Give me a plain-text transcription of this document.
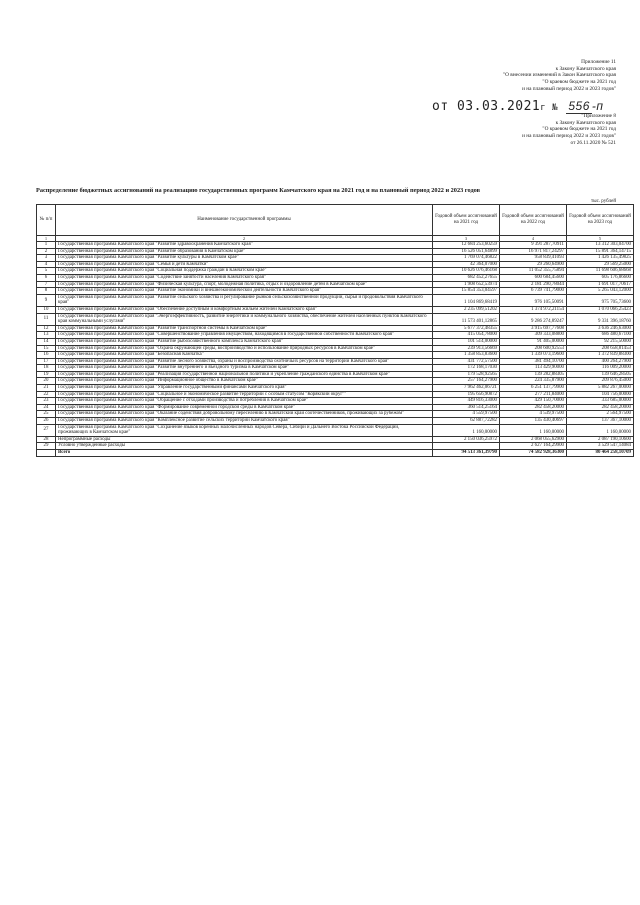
Приложение 11
к Закону Камчатского края
"О внесении изменений в Закон Камчатского края
"О краевом бюджете на 2021 год
и на плановый период 2022 и 2023 годов"
от 03.03.2021г № 556 -п
"Приложение 8
к Закону Камчатского края
"О краевом бюджете на 2021 год
и на плановый период 2022 и 2023 годов"
от 26.11.2020 № 521
Распределение бюджетных ассигнований на реализацию государственных программ Камчатского края на 2021 год и на плановый период 2022 и 2023 годов
тыс. рублей
№ п/п	Наименование государственной программы	Годовой объем ассигнований на 2021 год	Годовой объем ассигнований на 2022 год	Годовой объем ассигнований на 2023 год
1	2	3	4	5
1	Государственная программа Камчатского края "Развитие здравоохранения Камчатского края"	12 684 253,60259	9 391 287,70911	13 312 303,04700
2	Государственная программа Камчатского края "Развитие образования в Камчатском крае"	16 526 051,64899	16 971 817,24297	15 891 364,14715
3	Государственная программа Камчатского края "Развитие культуры в Камчатском крае"	1 769 074,46822	958 839,41093	1 426 135,49825
4	Государственная программа Камчатского края "Семья и дети Камчатки"	42 364,07000	29 260,64900	29 569,25000
5	Государственная программа Камчатского края "Социальная поддержка граждан в Камчатском крае"	10 626 076,46168	11 052 355,75894	11 698 606,68668
6	Государственная программа Камчатского края "Содействие занятости населения Камчатского края"	682 452,27655	600 684,45600	605 176,86600
7	Государственная программа Камчатского края "Физическая культура, спорт, молодежная политика, отдых и оздоровление детей в Камчатском крае"	1 908 652,53974	2 181 290,78044	1 691 017,70617
8	Государственная программа Камчатского края "Развитие экономики и внешнеэкономической деятельности Камчатского края"	15 854 353,04597	6 739 741,79000	5 265 043,12000
9	Государственная программа Камчатского края "Развитие сельского хозяйства и регулирование рынков сельскохозяйственной продукции, сырья и продовольствия Камчатского края"	1 104 869,68419	976 105,50091	975 705,73600
10	Государственная программа Камчатского края "Обеспечение доступным и комфортным жильем жителей Камчатского края"	2 235 099,51202	1 374 972,21154	1 070 066,25423
11	Государственная программа Камчатского края "Энергоэффективность, развитие энергетики и коммунального хозяйства, обеспечение жителей населенных пунктов Камчатского края коммунальными услугами"	11 573 401,12865	9 286 274,89247	9 331 396,18760
12	Государственная программа Камчатского края "Развитие транспортной системы в Камчатском крае"	5 677 372,48355	3 915 697,77608	3 636 246,63000
13	Государственная программа Камчатского края "Совершенствование управления имуществом, находящимся в государственной собственности Камчатского края"	415 054,78000	309 333,08800	686 480,67100
14	Государственная программа Камчатского края "Развитие рыбохозяйственного комплекса Камчатского края"	101 514,00000	91 405,00000	92 215,50000
15	Государственная программа Камчатского края "Охрана окружающей среды, воспроизводство и использование природных ресурсов в Камчатском крае"	239 913,56669	208 600,92553	208 658,81453
16	Государственная программа Камчатского края "Безопасная Камчатка"	1 358 853,83600	1 339 073,19600	1 372 839,88300
17	Государственная программа Камчатского края "Развитие лесного хозяйства, охраны и воспроизводства охотничьих ресурсов на территории Камчатского края"	431 772,57500	381 494,10700	400 264,27900
18	Государственная программа Камчатского края "Развитие внутреннего и въездного туризма в Камчатском крае"	172 168,17030	113 429,90000	116 009,20000
19	Государственная программа Камчатского края "Реализация государственной национальной политики и укрепление гражданского единства в Камчатском крае"	179 528,92565	139 282,88305	139 646,28505
20	Государственная программа Камчатского края "Информационное общество в Камчатском крае"	257 164,27900	224 335,87900	209 876,45000
21	Государственная программа Камчатского края "Управление государственными финансами Камчатского края"	7 962 462,06721	6 251 137,79900	5 882 267,00000
22	Государственная программа Камчатского края "Социальное и экономическое развитие территории с особым статусом "Корякский округ""	195 656,90872	277 211,84000	104 756,00000
23	Государственная программа Камчатского края "Обращение с отходами производства и потребления в Камчатском крае"	449 816,33000	429 150,70000	333 685,00000
24	Государственная программа Камчатского края "Формирование современной городской среды в Камчатском крае"	360 514,25164	282 458,20000	282 458,20000
25	Государственная программа Камчатского края "Оказание содействия добровольному переселению в Камчатский край соотечественников, проживающих за рубежом"	4 559,97500	4 539,97500	2 564,97500
26	Государственная программа Камчатского края "Комплексное развитие сельских территорий Камчатского края"	62 887,72282	135 430,40697	137 367,10000
27	Государственная программа Камчатского края "Сохранение языков коренных малочисленных народов Севера, Сибири и Дальнего Востока Российской Федерации, проживающих в Камчатском крае"	1 160,00000	1 160,00000	1 160,00000
28	Непрограммные расходы	2 150 036,25972	2 068 055,62900	2 087 190,10600
29	Условно утвержденные расходы		2 627 164,29900	3 529 547,14084
	Всего	94 513 361,39790	74 582 928,36300	80 464 258,10709
